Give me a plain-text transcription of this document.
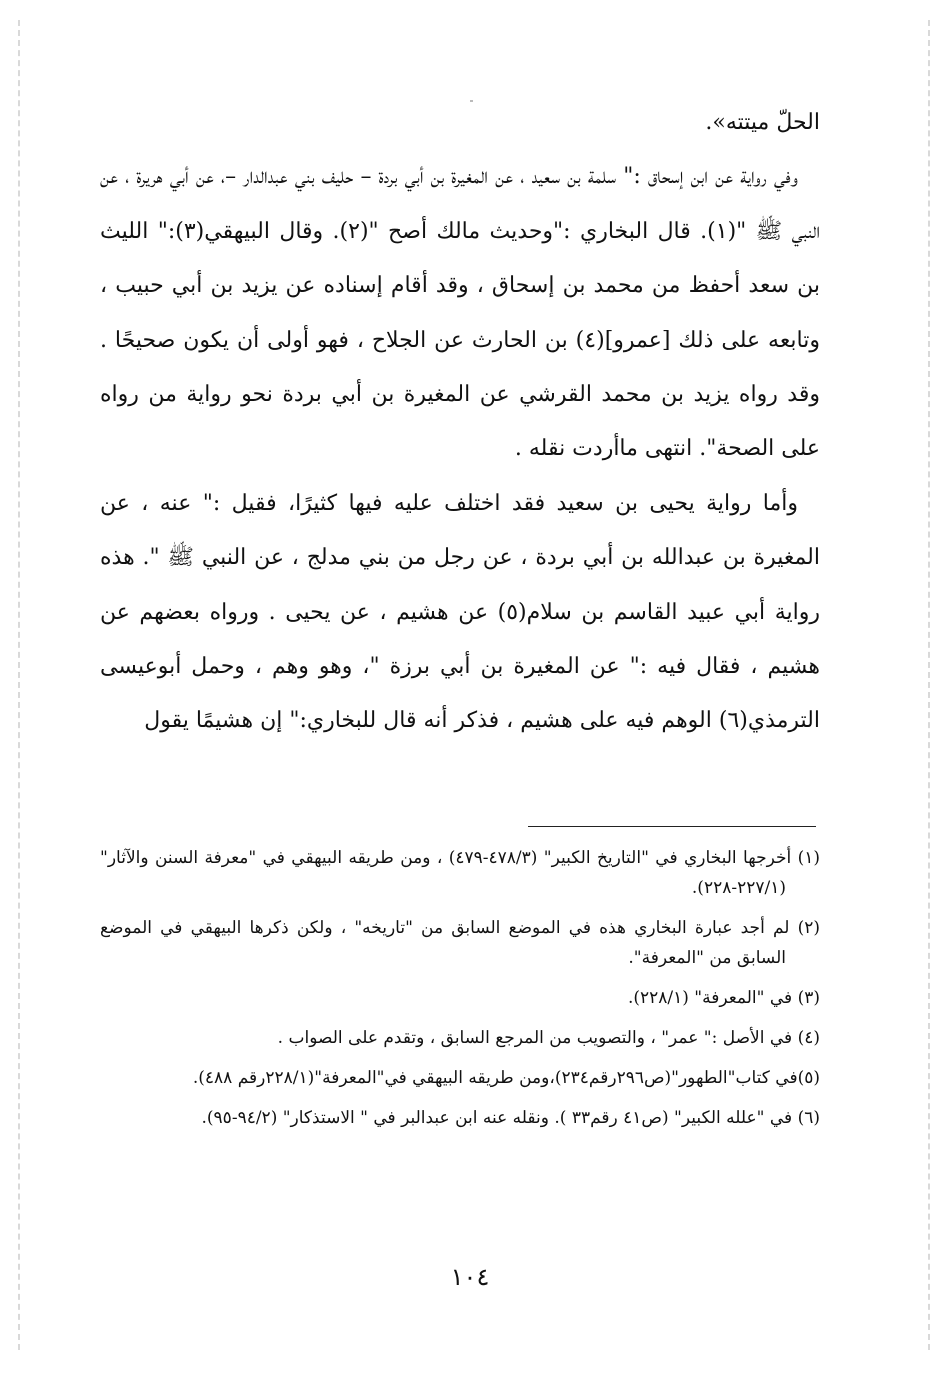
الحلّ ميتته».

وفي رواية عن ابن إسحاق :" سلمة بن سعيد ، عن المغيرة بن أبي بردة – حليف بني عبدالدار –، عن أبي هريرة ، عن النبي ﷺ "(١). قال البخاري :"وحديث مالك أصح "(٢). وقال البيهقي(٣):" الليث بن سعد أحفظ من محمد بن إسحاق ، وقد أقام إسناده عن يزيد بن أبي حبيب ، وتابعه على ذلك [عمرو](٤) بن الحارث عن الجلاح ، فهو أولى أن يكون صحيحًا . وقد رواه يزيد بن محمد القرشي عن المغيرة بن أبي بردة نحو رواية من رواه على الصحة". انتهى ماأردت نقله .

وأما رواية يحيى بن سعيد فقد اختلف عليه فيها كثيرًا، فقيل :" عنه ، عن المغيرة بن عبدالله بن أبي بردة ، عن رجل من بني مدلج ، عن النبي ﷺ ". هذه رواية أبي عبيد القاسم بن سلام(٥) عن هشيم ، عن يحيى . ورواه بعضهم عن هشيم ، فقال فيه :" عن المغيرة بن أبي برزة "، وهو وهم ، وحمل أبوعيسى الترمذي(٦) الوهم فيه على هشيم ، فذكر أنه قال للبخاري:" إن هشيمًا يقول

(١) أخرجها البخاري في "التاريخ الكبير" (٤٧٨/٣-٤٧٩) ، ومن طريقه البيهقي في "معرفة السنن والآثار" (٢٢٧/١-٢٢٨).

(٢) لم أجد عبارة البخاري هذه في الموضع السابق من "تاريخه" ، ولكن ذكرها البيهقي في الموضع السابق من "المعرفة".

(٣) في "المعرفة" (٢٢٨/١).

(٤) في الأصل :" عمر" ، والتصويب من المرجع السابق ، وتقدم على الصواب .

(٥)في كتاب"الطهور"(ص٢٩٦رقم٢٣٤)،ومن طريقه البيهقي في"المعرفة"(٢٢٨/١رقم ٤٨٨).

(٦) في "علله الكبير" (ص٤١ رقم٣٣ ). ونقله عنه ابن عبدالبر في " الاستذكار" (٩٤/٢-٩٥).

١٠٤
